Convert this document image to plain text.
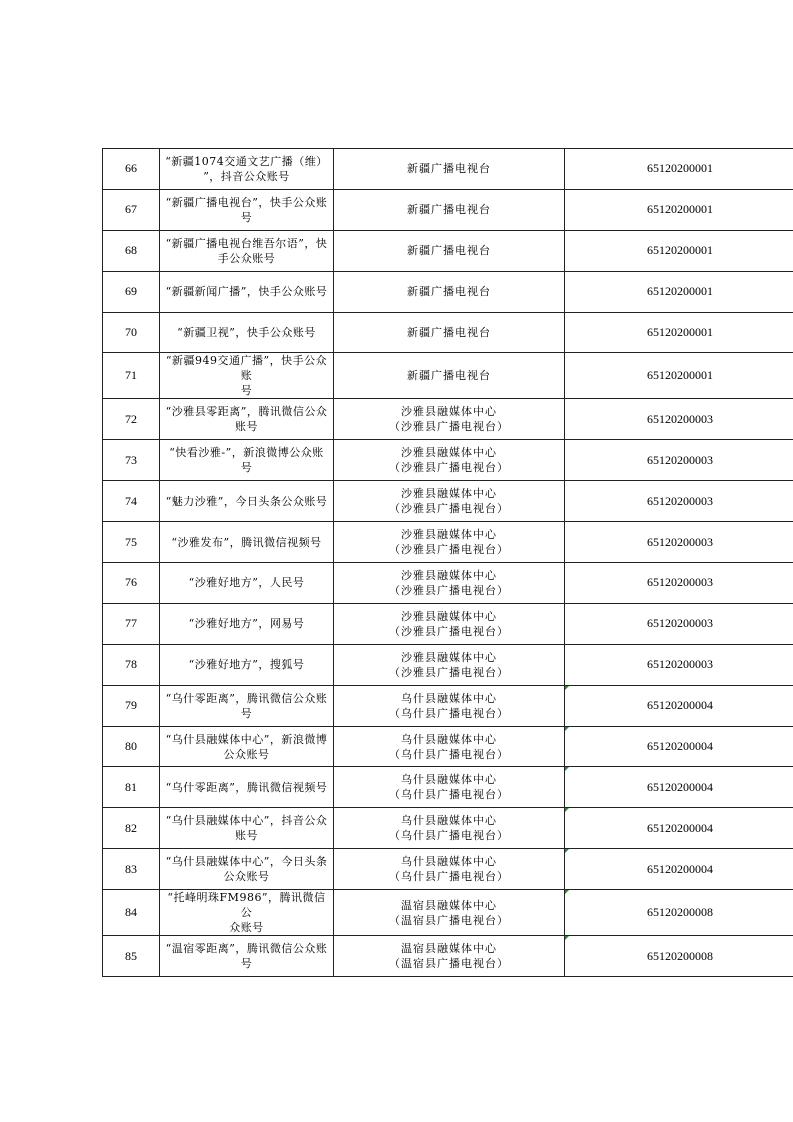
66	“新疆1074交通文艺广播（维）
”，抖音公众账号	新疆广播电视台	65120200001
67	“新疆广播电视台”，快手公众账
号	新疆广播电视台	65120200001
68	“新疆广播电视台维吾尔语”，快
手公众账号	新疆广播电视台	65120200001
69	“新疆新闻广播”，快手公众账号	新疆广播电视台	65120200001
70	“新疆卫视”，快手公众账号	新疆广播电视台	65120200001
71	“新疆949交通广播”，快手公众账
号	新疆广播电视台	65120200001
72	“沙雅县零距离”，腾讯微信公众
账号	沙雅县融媒体中心
（沙雅县广播电视台）	65120200003
73	“快看沙雅-”，新浪微博公众账号	沙雅县融媒体中心
（沙雅县广播电视台）	65120200003
74	“魅力沙雅”，今日头条公众账号	沙雅县融媒体中心
（沙雅县广播电视台）	65120200003
75	“沙雅发布”，腾讯微信视频号	沙雅县融媒体中心
（沙雅县广播电视台）	65120200003
76	“沙雅好地方”，人民号	沙雅县融媒体中心
（沙雅县广播电视台）	65120200003
77	“沙雅好地方”，网易号	沙雅县融媒体中心
（沙雅县广播电视台）	65120200003
78	“沙雅好地方”，搜狐号	沙雅县融媒体中心
（沙雅县广播电视台）	65120200003
79	“乌什零距离”，腾讯微信公众账
号	乌什县融媒体中心
（乌什县广播电视台）	65120200004
80	“乌什县融媒体中心”，新浪微博
公众账号	乌什县融媒体中心
（乌什县广播电视台）	65120200004
81	“乌什零距离”，腾讯微信视频号	乌什县融媒体中心
（乌什县广播电视台）	65120200004
82	“乌什县融媒体中心”，抖音公众
账号	乌什县融媒体中心
（乌什县广播电视台）	65120200004
83	“乌什县融媒体中心”，今日头条
公众账号	乌什县融媒体中心
（乌什县广播电视台）	65120200004
84	“托峰明珠FM986”，腾讯微信公
众账号	温宿县融媒体中心
（温宿县广播电视台）	65120200008
85	“温宿零距离”，腾讯微信公众账
号	温宿县融媒体中心
（温宿县广播电视台）	65120200008
